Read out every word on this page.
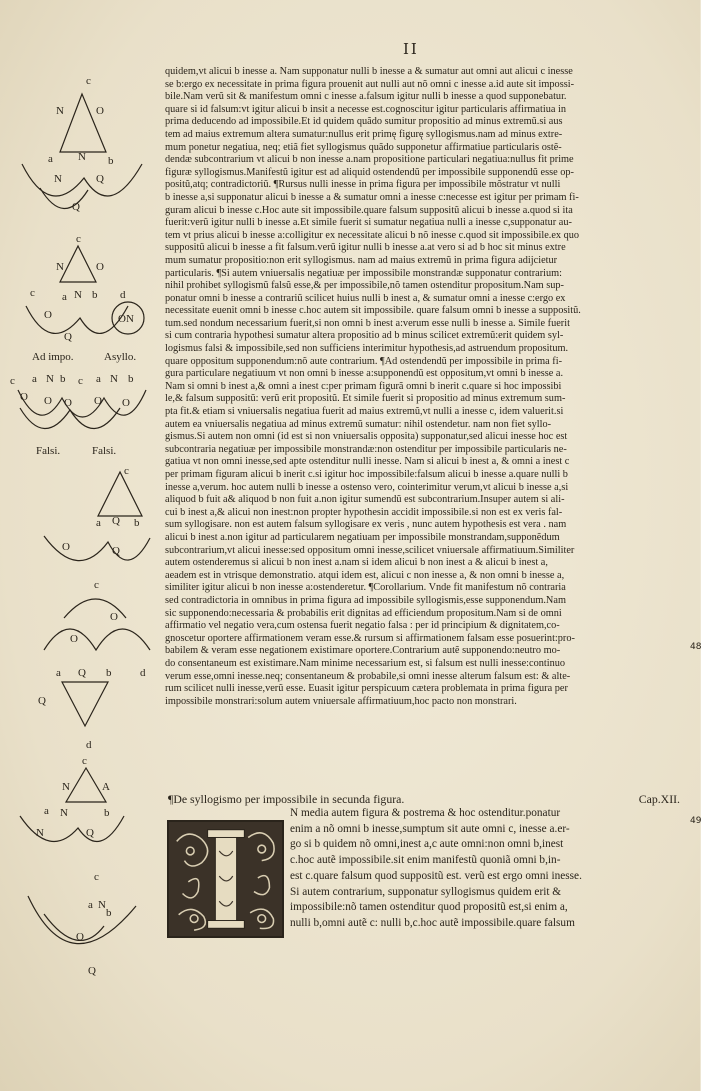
II
48
49
c
N	O
a N b
N	Q
Q
c
N	O
c a N b d
O	ON
Q
Ad impo.	Asyllo.
c a N b c a N b
O O O O O
Falsi.	Falsi.
c
a Q b
O	Q
c
O
O
a Q b	d
Q
d
c
N	A
a N	b
N	Q
c
a N
b
O
Q

quidem,vt alicui b inesse a. Nam supponatur nulli b inesse a & sumatur aut omni aut alicui c inesse

se b:ergo ex necessitate in prima figura prouenit aut nulli aut nõ omni c inesse a.id aute sit impossi-

bile.Nam verũ sit & manifestum omni c inesse a.falsum igitur nulli b inesse a quod supponebatur.

quare si id falsum:vt igitur alicui b insit a necesse est.cognoscitur igitur particularis affirmatiua in

prima deducendo ad impossibile.Et id quidem quãdo sumitur propositio ad minus extremũ.si aus

tem ad maius extremum altera sumatur:nullus erit primę figurę syllogismus.nam ad minus extre-

mum ponetur negatiua, neq; etiã fiet syllogismus quãdo supponetur affirmatiue particularis ostẽ-

dendæ subcontrarium vt alicui b non inesse a.nam propositione particulari negatiua:nullus fit prime

figuræ syllogismus.Manifestũ igitur est ad aliquid ostendendũ per impossibile supponendũ esse op-

positũ,atq; contradictoriũ. ¶Rursus nulli inesse in prima figura per impossibile mõstratur vt nulli

b inesse a,si supponatur alicui b inesse a & sumatur omni a inesse c:necesse est igitur per primam fi-

guram alicui b inesse c.Hoc aute sit impossibile.quare falsum suppositũ alicui b inesse a.quod si ita

fuerit:verũ igitur nulli b inesse a.Et simile fuerit si sumatur negatiua nulli a inesse c,supponatur au-

tem vt prius alicui b inesse a:colligitur ex necessitate alicui b nõ inesse c.quod sit impossibile.ex quo

suppositũ alicui b inesse a fit falsum.verũ igitur nulli b inesse a.at vero si ad b hoc sit minus extre

mum sumatur propositio:non erit syllogismus. nam ad maius extremũ in prima figura adijcietur

particularis. ¶Si autem vniuersalis negatiuæ per impossibile monstrandæ supponatur contrarium:

nihil prohibet syllogismũ falsũ esse,& per impossibile,nõ tamen ostenditur propositum.Nam sup-

ponatur omni b inesse a contrariũ scilicet huius nulli b inest a, & sumatur omni a inesse c:ergo ex

necessitate euenit omni b inesse c.hoc autem sit impossibile. quare falsum omni b inesse a suppositũ.

tum.sed nondum necessarium fuerit,si non omni b inest a:verum esse nulli b inesse a. Simile fuerit

si cum contraria hypothesi sumatur altera propositio ad b minus scilicet extremũ:erit quidem syl-

logismus falsi & impossibile,sed non sufficiens interimitur hypothesis,ad astruendum propositum.

quare oppositum supponendum:nõ aute contrarium. ¶Ad ostendendũ per impossibile in prima fi-

gura particulare negatiuum vt non omni b inesse a:supponendũ est oppositum,vt omni b inesse a.

Nam si omni b inest a,& omni a inest c:per primam figurã omni b inerit c.quare si hoc impossibi

le,& falsum suppositũ: verũ erit propositũ. Et simile fuerit si propositio ad minus extremum sum-

pta fit.& etiam si vniuersalis negatiua fuerit ad maius extremũ,vt nulli a inesse c, idem valuerit.si

autem ea vniuersalis negatiua ad minus extremũ sumatur: nihil ostendetur. nam non fiet syllo-

gismus.Si autem non omni (id est si non vniuersalis opposita) supponatur,sed alicui inesse hoc est

subcontraria negatiuæ per impossibile monstrandæ:non ostenditur per impossibile particularis ne-

gatiua vt non omni inesse,sed apte ostenditur nulli inesse. Nam si alicui b inest a, & omni a inest c

per primam figuram alicui b inerit c.si igitur hoc impossibile:falsum alicui b inesse a.quare nulli b

inesse a,verum. hoc autem nulli b inesse a ostenso vero, cointerimitur verum,vt alicui b inesse a,si

aliquod b fuit a& aliquod b non fuit a.non igitur sumendũ est subcontrarium.Insuper autem si ali-

cui b inest a,& alicui non inest:non propter hypothesin accidit impossibile.si non est ex veris fal-

sum syllogisare. non est autem falsum syllogisare ex veris , nunc autem hypothesis est vera . nam

alicui b inest a.non igitur ad particularem negatiuam per impossibile monstrandam,supponẽdum

subcontrarium,vt alicui inesse:sed oppositum omni inesse,scilicet vniuersale affirmatiuum.Similiter

autem ostenderemus si alicui b non inest a.nam si idem alicui b non inest a & alicui b inest a,

aeadem est in vtrisque demonstratio. atqui idem est, alicui c non inesse a, & non omni b inesse a,

similiter igitur alicui b non inesse a:ostenderetur. ¶Corollarium. Vnde fit manifestum nõ contraria

sed contradictoria in omnibus in prima figura ad impossibile syllogismis,esse supponendum.Nam

sic supponendo:necessaria & probabilis erit dignitas ad efficiendum propositum.Nam si de omni

affirmatio vel negatio vera,cum ostensa fuerit negatio falsa : per id principium & dignitatem,co-

gnoscetur oportere affirmationem veram esse.& rursum si affirmationem falsam esse posuerint:pro-

babilem & veram esse negationem existimare oportere.Contrarium autẽ supponendo:neutro mo-

do consentaneum est existimare.Nam minime necessarium est, si falsum est nulli inesse:continuo

verum esse,omni inesse.neq; consentaneum & probabile,si omni inesse alterum falsum est: & alte-

rum scilicet nulli inesse,verũ esse. Euasit igitur perspicuum cætera problemata in prima figura per

impossibile monstrari:solum autem vniuersale affirmatiuum,hoc pacto non monstrari.

¶De syllogismo per impossibile in secunda figura.	Cap.XII.

N media autem figura & postrema & hoc ostenditur.ponatur

enim a nõ omni b inesse,sumptum sit aute omni c, inesse a.er-

go si b quidem nõ omni,inest a,c aute omni:non omni b,inest

c.hoc autẽ impossibile.sit enim manifestũ quoniã omni b,in-

est c.quare falsum quod suppositũ est. verũ est ergo omni inesse.

Si autem contrarium, supponatur syllogismus quidem erit &

impossibile:nõ tamen ostenditur quod propositũ est,si enim a,

nulli b,omni autẽ c: nulli b,c.hoc autẽ impossibile.quare falsum
